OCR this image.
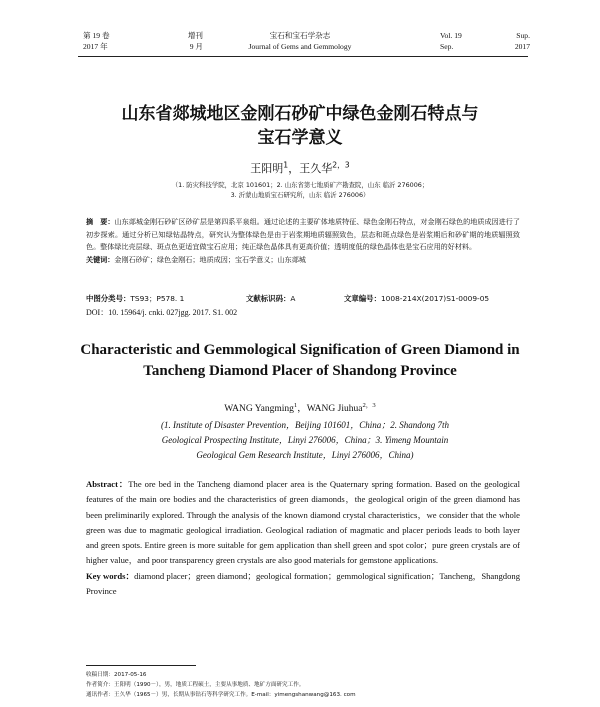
第 19 卷	增刊
2017 年	9 月
宝石和宝石学杂志
Journal of Gems and Gemmology
Vol. 19	Sup.
Sep.	2017
山东省郯城地区金刚石砂矿中绿色金刚石特点与
宝石学意义
王阳明$^1$，王久华$^{2,3}$
（1. 防灾科技学院，北京 101601；2. 山东省第七地质矿产勘查院，山东 临沂 276006；
3. 沂蒙山地质宝石研究所，山东 临沂 276006）
摘　要：山东郯城金刚石砂矿区砂矿层是第四系平泉组。通过论述的主要矿体地质特征、绿色金刚石特点，对金刚石绿色的地质成因进行了初步探索。通过分析已知绿钻晶特点，研究认为整体绿色是由于岩浆期地质辐照致色，层态和斑点绿色是岩浆期后和砂矿期的地质辐照致色。整体绿比壳层绿、斑点色更适宜做宝石应用；纯正绿色晶体具有更高价值；透明度低的绿色晶体也是宝石应用的好材料。
关键词：金刚石砂矿；绿色金刚石；地质成因；宝石学意义；山东郯城
中图分类号：TS93；P578. 1	文献标识码：A	文章编号：1008-214X(2017)S1-0009-05
DOI：10. 15964/j. cnki. 027jgg. 2017. S1. 002
Characteristic and Gemmological Signification of Green Diamond in
Tancheng Diamond Placer of Shandong Province
WANG Yangming$^1$，WANG Jiuhua$^{2,3}$
(1. Institute of Disaster Prevention，Beijing 101601，China；2. Shandong 7th
Geological Prospecting Institute，Linyi 276006，China；3. Yimeng Mountain
Geological Gem Research Institute，Linyi 276006，China)
Abstract：The ore bed in the Tancheng diamond placer area is the Quaternary spring formation. Based on the geological features of the main ore bodies and the characteristics of green diamonds，the geological origin of the green diamond has been preliminarily explored. Through the analysis of the known diamond crystal characteristics，we consider that the whole green was due to magmatic geological irradiation. Geological radiation of magmatic and placer periods leads to both layer and green spots. Entire green is more suitable for gem application than shell green and spot color；pure green crystals are of higher value，and poor transparency green crystals are also good materials for gemstone applications.
Key words：diamond placer；green diamond；geological formation；gemmological signification；Tancheng，Shangdong Province
收稿日期：2017-05-16
作者简介：王阳明（1990－），男，地质工程硕士，主要从事地质、地矿方面研究工作。
通讯作者：王久华（1965－）男，长期从事钻石等科学研究工作。E-mail：yimengshanwang@163. com
